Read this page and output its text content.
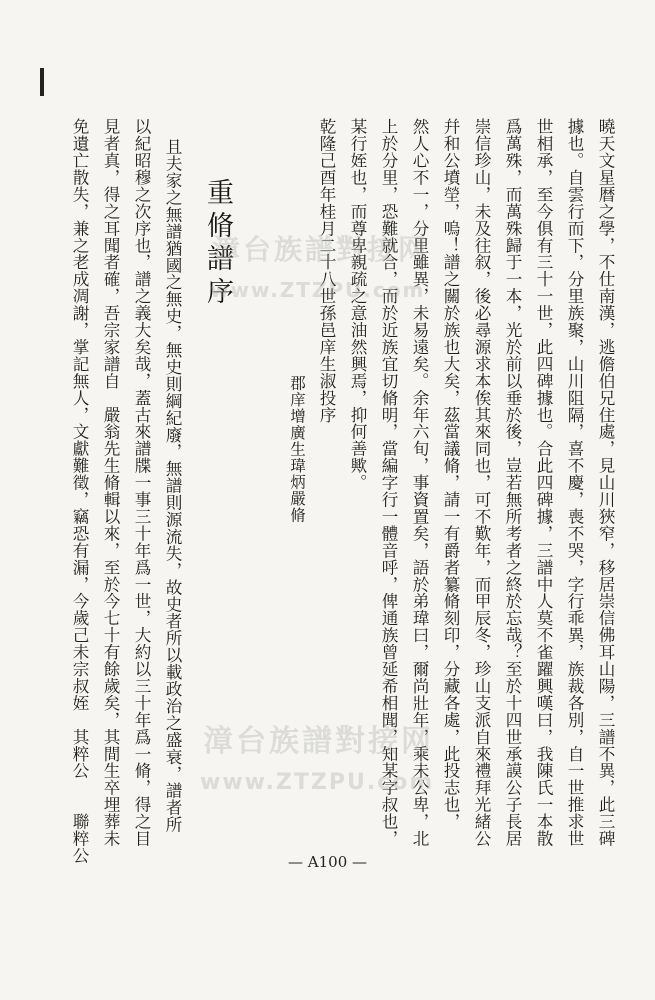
曉天文星暦之學，不仕南漢，逃儋伯兄住處，見山川狹窄，移居崇信佛耳山陽，三譜不異，此三碑
據也。自雲行而下，分里族聚，山川阻隔，喜不慶，喪不哭，字行乖異，族裁各別，自一世推求世
世相承，至今俱有三十一世，此四碑據也。合此四碑據，三譜中人莫不雀躍興嘆曰，我陳氏一本散
爲萬殊，而萬殊歸于一本，光於前以垂於後，豈若無所考者之終於忘哉？至於十四世承謨公子長居
崇信珍山，未及往叙，後必尋源求本俟其來同也，可不歎年，而甲辰冬，珍山支派自來禮拜光緒公
幷和公墳塋，嗚！譜之關於族也大矣，茲當議脩，請一有爵者纂脩刻印，分藏各處，此投志也，
然人心不一，分里雖異，未易遠矣。余年六旬，事資置矣，語於弟瑋曰，爾尚壯年，乘未公卑，北
上於分里，恐難就合，而於近族宜切脩明，當編字行一體音呼，俾通族曾延希相聞，知某字叔也，
某行姪也，而尊卑親疏之意油然興焉，抑何善歟。
乾隆己酉年桂月二十八世孫邑庠生淑投序
郡庠增廣生瑋炳嚴脩
重脩譜序
且夫家之無譜猶國之無史，無史則綱紀廢，無譜則源流失，故史者所以載政治之盛衰，譜者所
以紀昭穆之次序也，譜之義大矣哉，蓋古來譜牒一事三十年爲一世，大約以三十年爲一脩，得之目
見者真，得之耳聞者確，吾宗家譜自　嚴翁先生脩輯以來，至於今七十有餘歲矣，其間生卒埋葬未
免遺亡散失，兼之老成凋謝，掌記無人，文獻難徵，竊恐有漏，今歲己未宗叔姪　其粹公　　聯粹公	漳台族譜對接网
www.ZTZPU.com
漳台族譜對接网
www.ZTZPU.com
— A100 —
